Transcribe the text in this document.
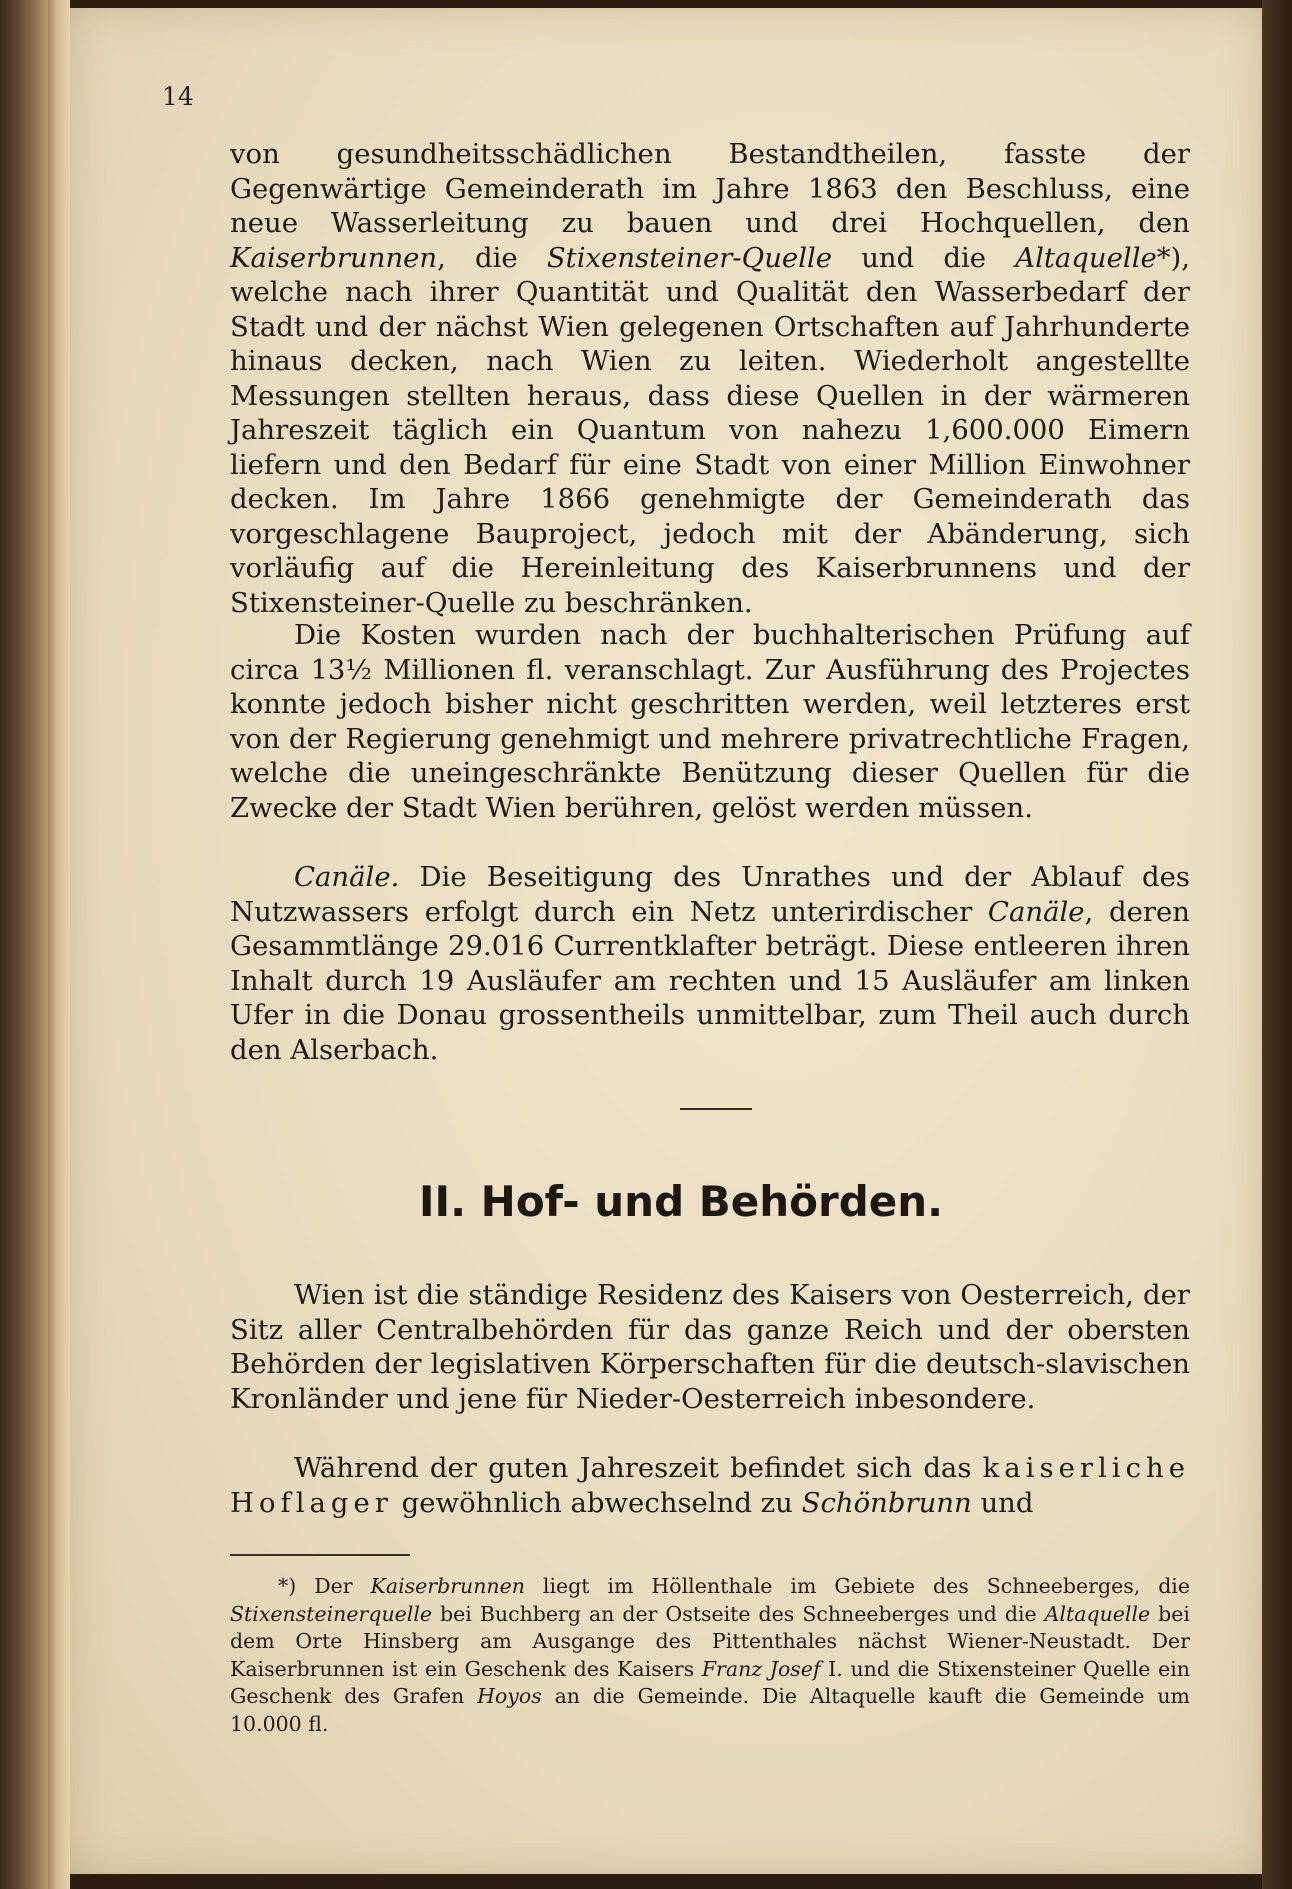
14
von gesundheitsschädlichen Bestandtheilen, fasste der Gegenwärtige Gemeinderath im Jahre 1863 den Beschluss, eine neue Wasserleitung zu bauen und drei Hochquellen, den Kaiserbrunnen, die Stixensteiner-Quelle und die Altaquelle*), welche nach ihrer Quantität und Qualität den Wasserbedarf der Stadt und der nächst Wien gelegenen Ortschaften auf Jahrhunderte hinaus decken, nach Wien zu leiten. Wiederholt angestellte Messungen stellten heraus, dass diese Quellen in der wärmeren Jahreszeit täglich ein Quantum von nahezu 1,600.000 Eimern liefern und den Bedarf für eine Stadt von einer Million Einwohner decken. Im Jahre 1866 genehmigte der Gemeinderath das vorgeschlagene Bauproject, jedoch mit der Abänderung, sich vorläufig auf die Hereinleitung des Kaiserbrunnens und der Stixensteiner-Quelle zu beschränken.
Die Kosten wurden nach der buchhalterischen Prüfung auf circa 13½ Millionen fl. veranschlagt. Zur Ausführung des Projectes konnte jedoch bisher nicht geschritten werden, weil letzteres erst von der Regierung genehmigt und mehrere privatrechtliche Fragen, welche die uneingeschränkte Benützung dieser Quellen für die Zwecke der Stadt Wien berühren, gelöst werden müssen.
Canäle. Die Beseitigung des Unrathes und der Ablauf des Nutzwassers erfolgt durch ein Netz unterirdischer Canäle, deren Gesammtlänge 29.016 Currentklafter beträgt. Diese entleeren ihren Inhalt durch 19 Ausläufer am rechten und 15 Ausläufer am linken Ufer in die Donau grossentheils unmittelbar, zum Theil auch durch den Alserbach.
II. Hof- und Behörden.
Wien ist die ständige Residenz des Kaisers von Oesterreich, der Sitz aller Centralbehörden für das ganze Reich und der obersten Behörden der legislativen Körperschaften für die deutsch-slavischen Kronländer und jene für Nieder-Oesterreich inbesondere.
Während der guten Jahreszeit befindet sich das kaiserliche Hoflager gewöhnlich abwechselnd zu Schönbrunn und
*) Der Kaiserbrunnen liegt im Höllenthale im Gebiete des Schneeberges, die Stixensteinerquelle bei Buchberg an der Ostseite des Schneeberges und die Altaquelle bei dem Orte Hinsberg am Ausgange des Pittenthales nächst Wiener-Neustadt. Der Kaiserbrunnen ist ein Geschenk des Kaisers Franz Josef I. und die Stixensteiner Quelle ein Geschenk des Grafen Hoyos an die Gemeinde. Die Altaquelle kauft die Gemeinde um 10.000 fl.
